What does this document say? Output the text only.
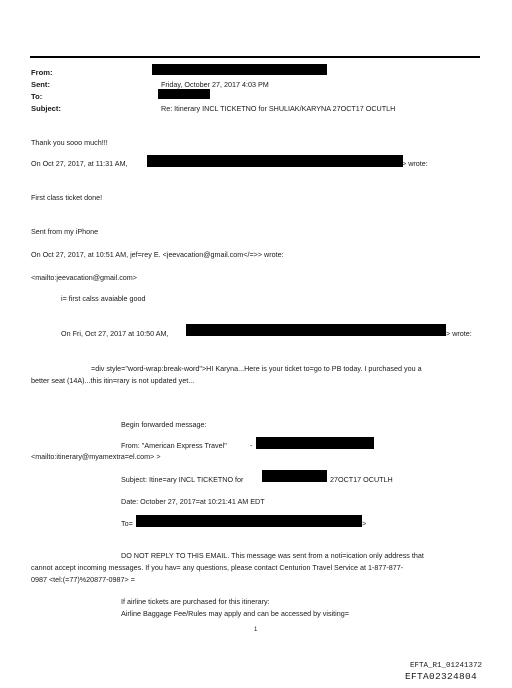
From:
Sent:	Friday, October 27, 2017 4:03 PM
To:
Subject:	Re: Itinerary INCL TICKETNO for SHULIAK/KARYNA 27OCT17 OCUTLH
Thank you sooo much!!!
On Oct 27, 2017, at 11:31 AM,	> wrote:
First class ticket done!
Sent from my iPhone
On Oct 27, 2017, at 10:51 AM, jef=rey E. <jeevacation@gmail.com</=>> wrote:
<mailto:jeevacation@gmail.com>
i= first calss avaiable good
On Fri, Oct 27, 2017 at 10:50 AM,	> wrote:
=div style="word-wrap:break-word">HI Karyna...Here is your ticket to=go to PB today. I purchased you a
better seat (14A)...this itin=rary is not updated yet...
Begin forwarded message:
From: "American Express Travel"	-
<mailto:itinerary@myamextra=el.com> >
Subject: Itine=ary INCL TICKETNO for	27OCT17 OCUTLH
Date: October 27, 2017=at 10:21:41 AM EDT
To=	>
DO NOT REPLY TO THIS EMAIL. This message was sent from a noti=ication only address that
cannot accept incoming messages. If you hav= any questions, please contact Centurion Travel Service at 1-877-877-
0987 <tel:(=77)%20877-0987> =
If airline tickets are purchased for this itinerary:
Airline Baggage Fee/Rules may apply and can be accessed by visiting=
1
EFTA_R1_01241372
EFTA02324804
